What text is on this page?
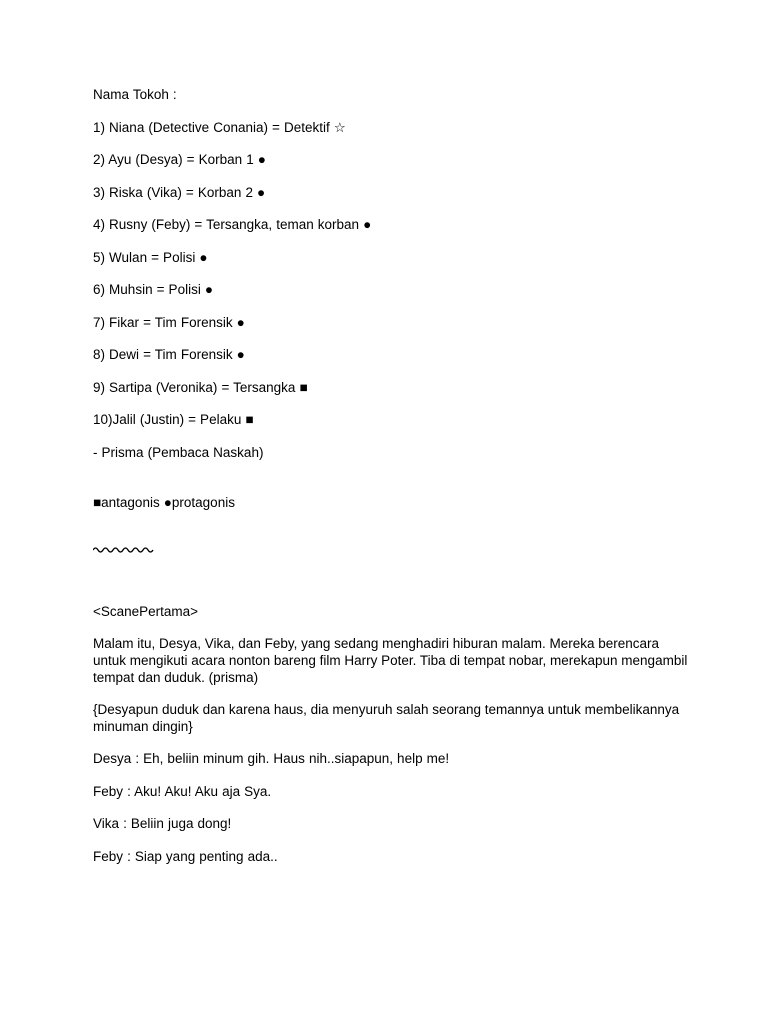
Nama Tokoh :
1) Niana (Detective Conania) = Detektif ☆
2) Ayu (Desya) = Korban 1 ●
3) Riska (Vika) = Korban 2 ●
4) Rusny (Feby) = Tersangka, teman korban ●
5) Wulan = Polisi ●
6) Muhsin = Polisi ●
7) Fikar = Tim Forensik ●
8) Dewi = Tim Forensik ●
9) Sartipa (Veronika) = Tersangka ■
10)Jalil (Justin) = Pelaku ■
- Prisma (Pembaca Naskah)
■antagonis ●protagonis
<ScanePertama>
Malam itu, Desya, Vika, dan Feby, yang sedang menghadiri hiburan malam. Mereka berencara untuk mengikuti acara nonton bareng film Harry Poter. Tiba di tempat nobar, merekapun mengambil tempat dan duduk. (prisma)
{Desyapun duduk dan karena haus, dia menyuruh salah seorang temannya untuk membelikannya minuman dingin}
Desya : Eh, beliin minum gih. Haus nih..siapapun, help me!
Feby : Aku! Aku! Aku aja Sya.
Vika : Beliin juga dong!
Feby : Siap yang penting ada..
